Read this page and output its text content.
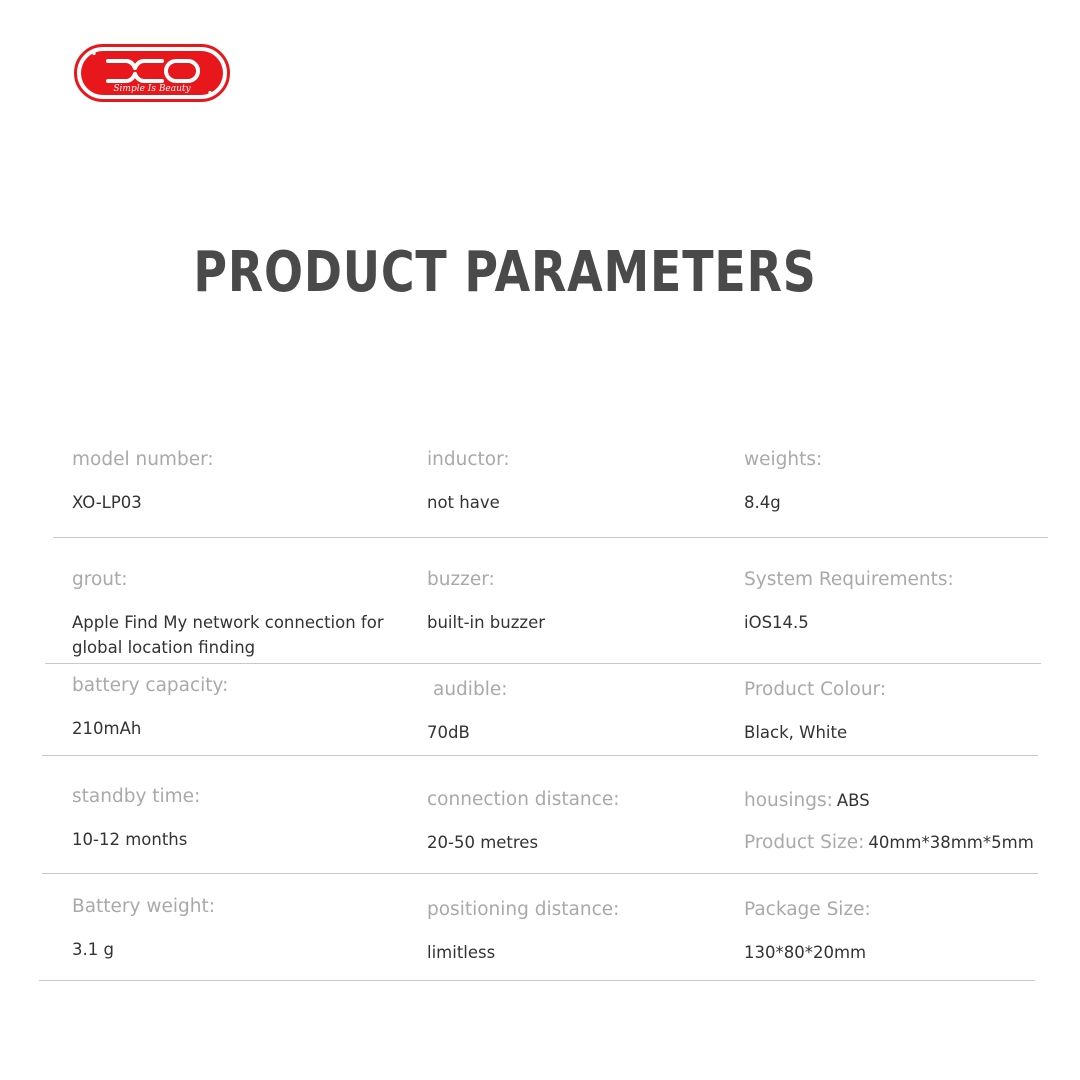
Simple Is Beauty
PRODUCT PARAMETERS
model number:
XO-LP03
inductor:
not have
weights:
8.4g
grout:
Apple Find My network connection for global location finding
buzzer:
built-in buzzer
System Requirements:
iOS14.5
battery capacity:
210mAh
audible:
70dB
Product Colour:
Black, White
standby time:
10-12 months
connection distance:
20-50 metres
housings: ABS
Product Size: 40mm*38mm*5mm
Battery weight:
3.1 g
positioning distance:
limitless
Package Size:
130*80*20mm
